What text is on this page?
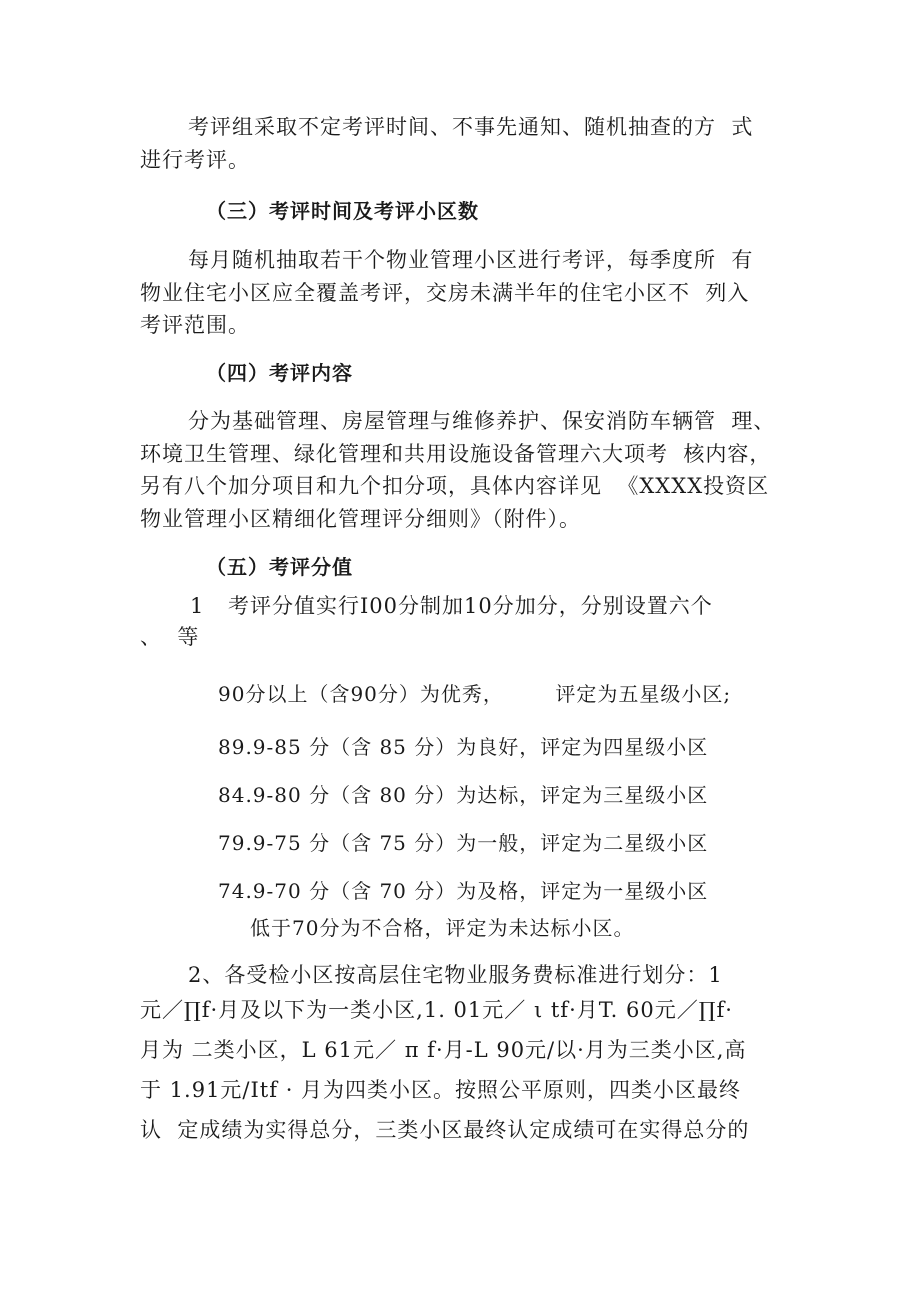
考评组采取不定考评时间、不事先通知、随机抽查的方  式
进行考评。
（三）考评时间及考评小区数
每月随机抽取若干个物业管理小区进行考评，每季度所  有
物业住宅小区应全覆盖考评，交房未满半年的住宅小区不  列入
考评范围。
（四）考评内容
分为基础管理、房屋管理与维修养护、保安消防车辆管  理、
环境卫生管理、绿化管理和共用设施设备管理六大项考  核内容，
另有八个加分项目和九个扣分项，具体内容详见  《XXXX投资区
物业管理小区精细化管理评分细则》（附件）。
（五）考评分值
1 考评分值实行I00分制加10分加分，分别设置六个
、  等
90分以上（含90分）为优秀，       评定为五星级小区;
89.9-85 分（含 85 分）为良好，评定为四星级小区
84.9-80 分（含 80 分）为达标，评定为三星级小区
79.9-75 分（含 75 分）为一般，评定为二星级小区
74.9-70 分（含 70 分）为及格，评定为一星级小区
低于70分为不合格，评定为未达标小区。
2、各受检小区按高层住宅物业服务费标准进行划分：1
元／∏f·月及以下为一类小区,1. 01元／ ι tf·月T. 60元／∏f·
月为 二类小区，L 61元／ π f·月-L 90元/以·月为三类小区,高
于 1.91元/Itf · 月为四类小区。按照公平原则，四类小区最终
认  定成绩为实得总分，三类小区最终认定成绩可在实得总分的
